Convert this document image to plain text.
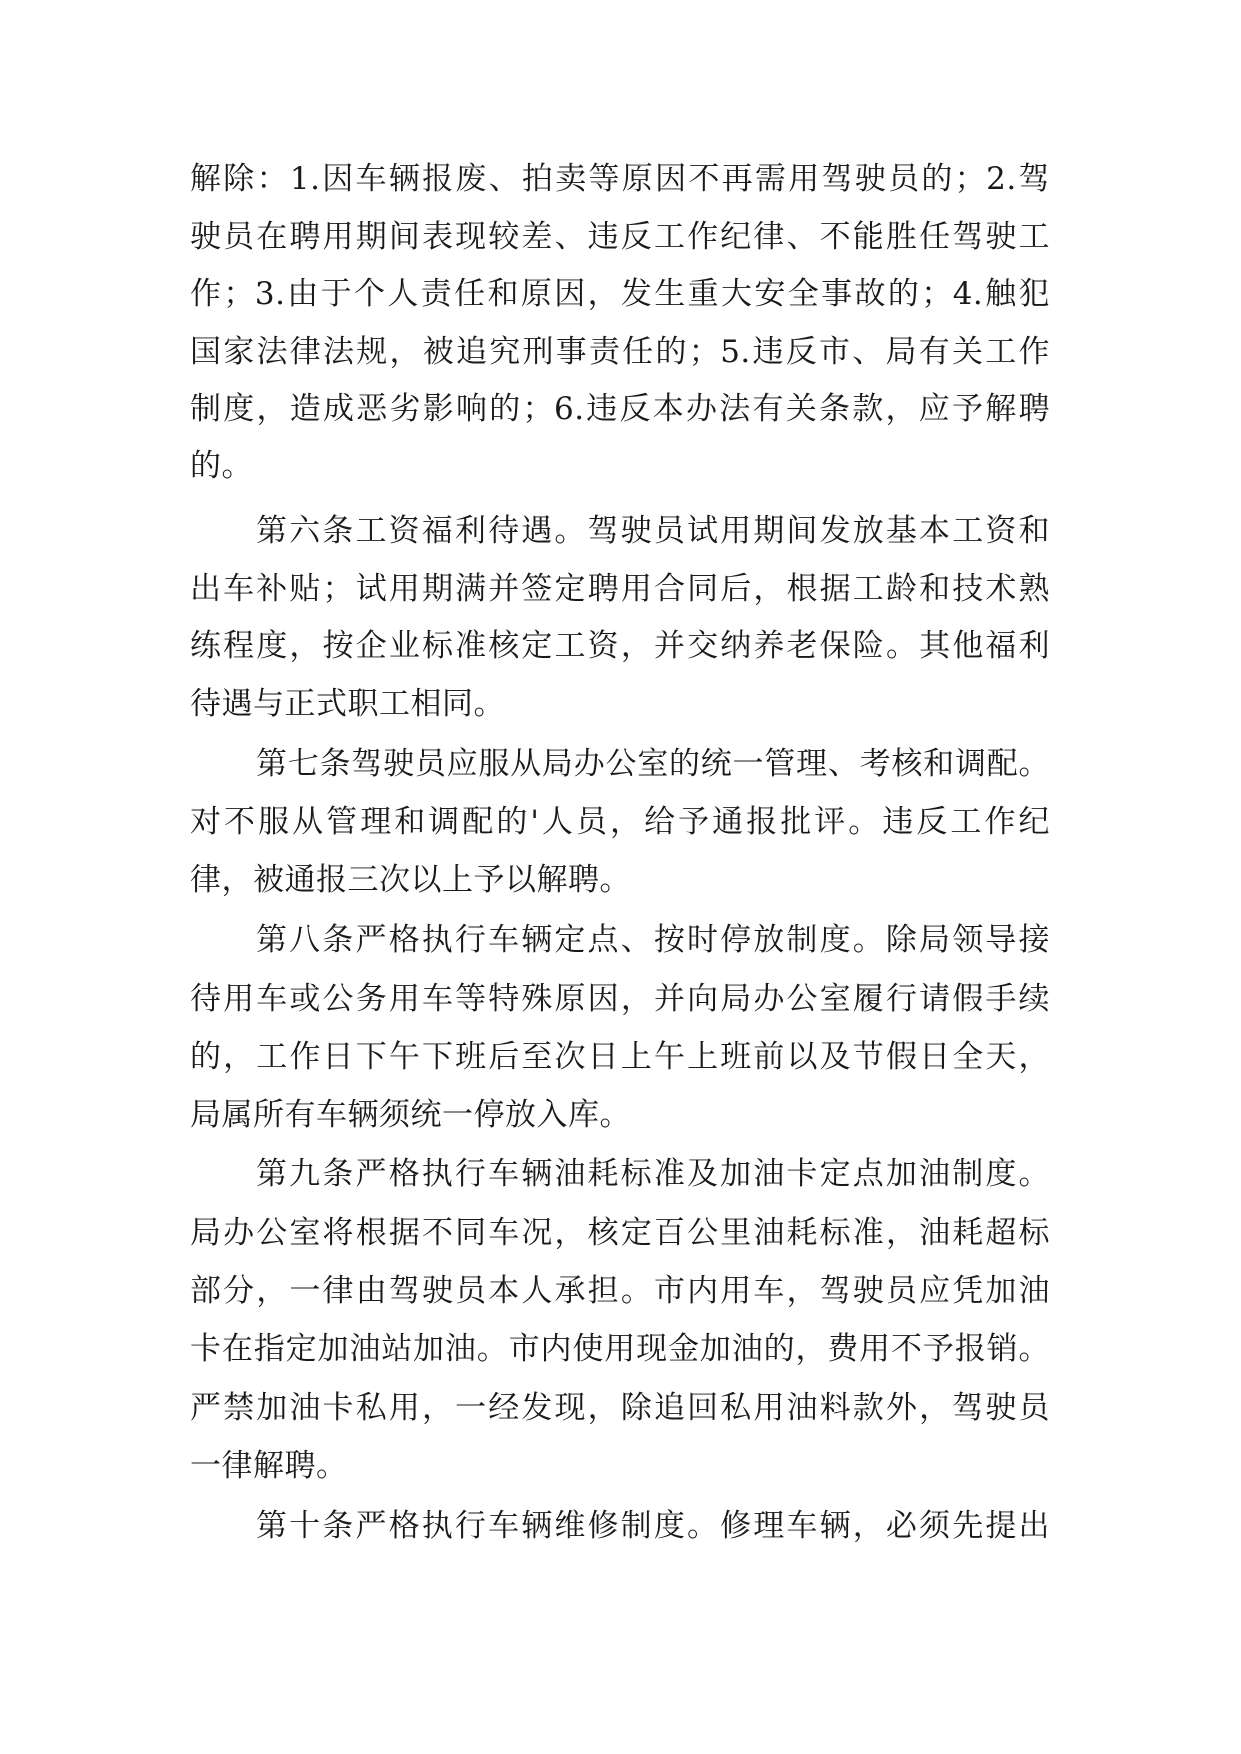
解除：1.因车辆报废、拍卖等原因不再需用驾驶员的；2.驾
驶员在聘用期间表现较差、违反工作纪律、不能胜任驾驶工
作；3.由于个人责任和原因，发生重大安全事故的；4.触犯
国家法律法规，被追究刑事责任的；5.违反市、局有关工作
制度，造成恶劣影响的；6.违反本办法有关条款，应予解聘
的。
第六条工资福利待遇。驾驶员试用期间发放基本工资和
出车补贴；试用期满并签定聘用合同后，根据工龄和技术熟
练程度，按企业标准核定工资，并交纳养老保险。其他福利
待遇与正式职工相同。
第七条驾驶员应服从局办公室的统一管理、考核和调配。
对不服从管理和调配的'人员，给予通报批评。违反工作纪
律，被通报三次以上予以解聘。
第八条严格执行车辆定点、按时停放制度。除局领导接
待用车或公务用车等特殊原因，并向局办公室履行请假手续
的，工作日下午下班后至次日上午上班前以及节假日全天，
局属所有车辆须统一停放入库。
第九条严格执行车辆油耗标准及加油卡定点加油制度。
局办公室将根据不同车况，核定百公里油耗标准，油耗超标
部分，一律由驾驶员本人承担。市内用车，驾驶员应凭加油
卡在指定加油站加油。市内使用现金加油的，费用不予报销。
严禁加油卡私用，一经发现，除追回私用油料款外，驾驶员
一律解聘。
第十条严格执行车辆维修制度。修理车辆，必须先提出
